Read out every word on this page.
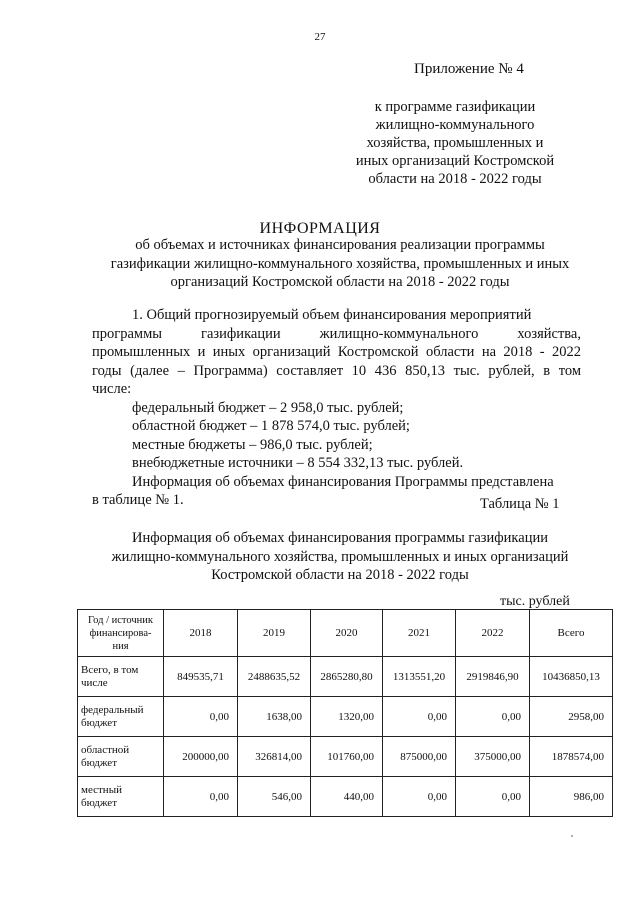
27
Приложение № 4
к программе газификации
жилищно-коммунального
хозяйства, промышленных и
иных организаций Костромской
области на 2018 - 2022 годы
ИНФОРМАЦИЯ
об объемах и источниках финансирования реализации программы
газификации жилищно-коммунального хозяйства, промышленных и иных
организаций Костромской области на 2018 - 2022 годы
1. Общий прогнозируемый объем финансирования мероприятий
программы газификации жилищно-коммунального хозяйства,
промышленных и иных организаций Костромской области на 2018 - 2022
годы (далее – Программа) составляет 10 436 850,13 тыс. рублей, в том
числе:
федеральный бюджет – 2 958,0 тыс. рублей;
областной бюджет – 1 878 574,0 тыс. рублей;
местные бюджеты – 986,0 тыс. рублей;
внебюджетные источники – 8 554 332,13 тыс. рублей.
Информация об объемах финансирования Программы представлена
в таблице № 1.	Таблица № 1
Информация об объемах финансирования программы газификации
жилищно-коммунального хозяйства, промышленных и иных организаций
Костромской области на 2018 - 2022 годы
тыс. рублей
Год / источник
финансирова-
ния	2018	2019	2020	2021	2022	Всего

Всего, в том
числе	849535,71	2488635,52	2865280,80	1313551,20	2919846,90	10436850,13

федеральный
бюджет	0,00	1638,00	1320,00	0,00	0,00	2958,00

областной
бюджет	200000,00	326814,00	101760,00	875000,00	375000,00	1878574,00

местный
бюджет	0,00	546,00	440,00	0,00	0,00	986,00
